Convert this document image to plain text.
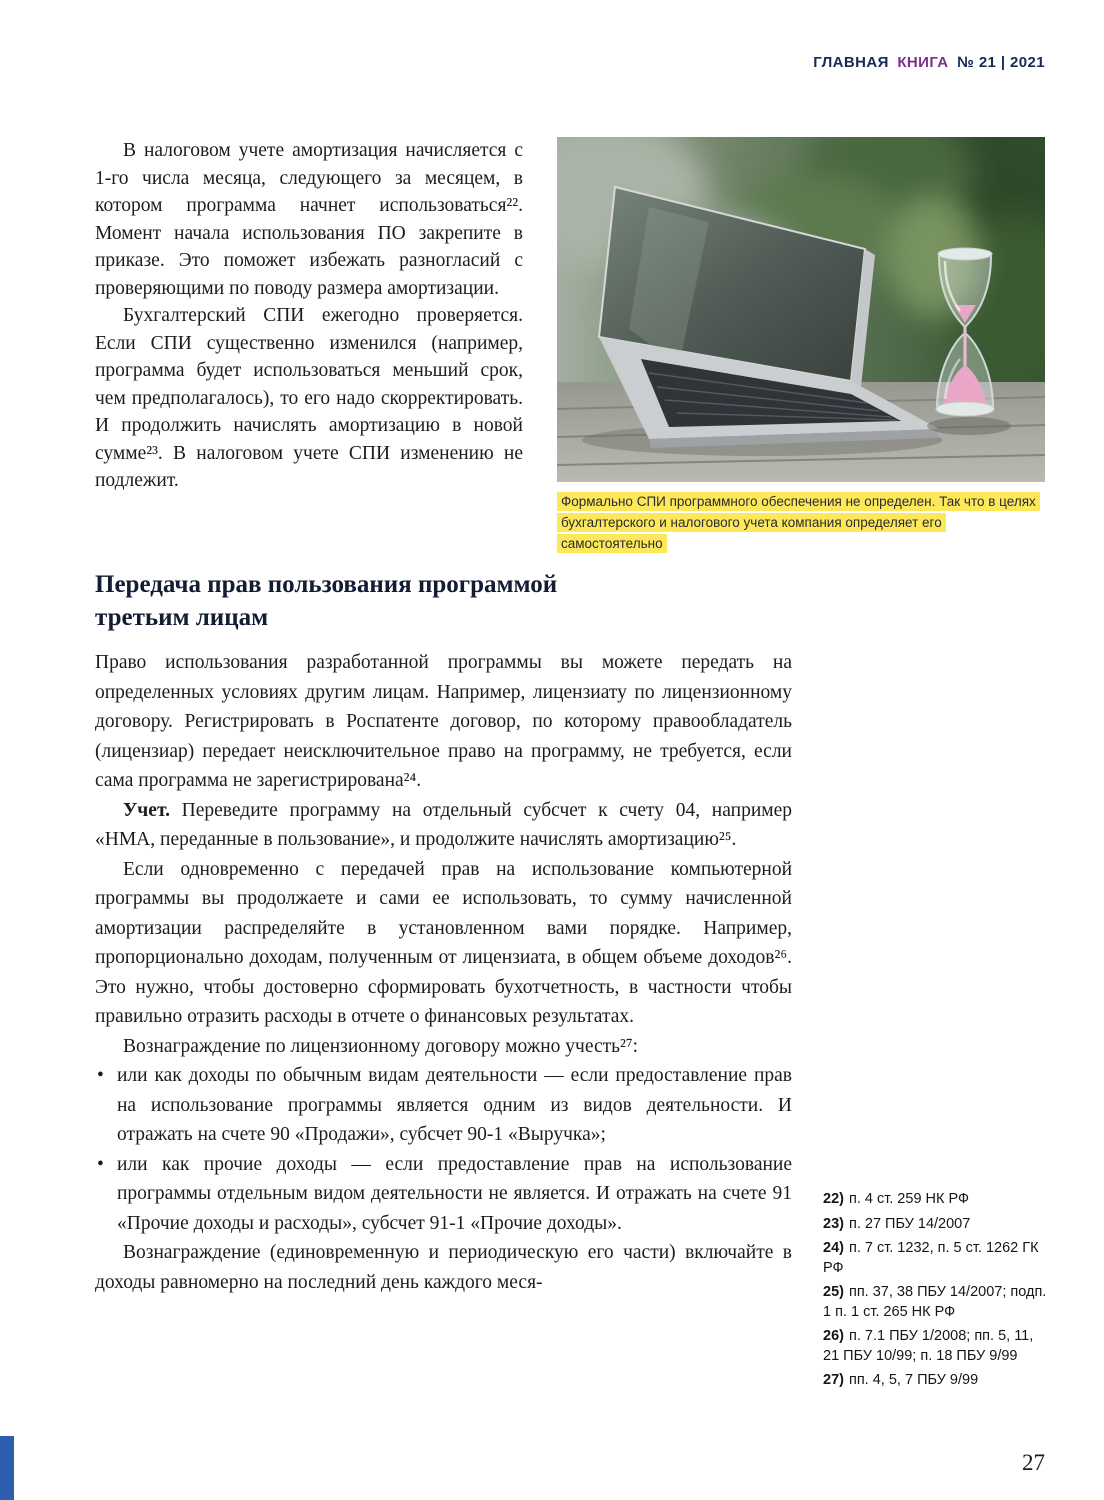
ГЛАВНАЯ КНИГА № 21 | 2021

В налоговом учете амортизация начисляется с 1-го числа месяца, следующего за месяцем, в котором программа начнет использоваться²². Момент начала использования ПО закрепите в приказе. Это поможет избежать разногласий с проверяющими по поводу размера амортизации.

Бухгалтерский СПИ ежегодно проверяется. Если СПИ существенно изменился (например, программа будет использоваться меньший срок, чем предполагалось), то его надо скорректировать. И продолжить начислять амортизацию в новой сумме²³. В налоговом учете СПИ изменению не подлежит.

Формально СПИ программного обеспечения не определен. Так что в целях бухгалтерского и налогового учета компания определяет его самостоятельно
Передача прав пользования программой
третьим лицам

Право использования разработанной программы вы можете передать на определенных условиях другим лицам. Например, лицензиату по лицензионному договору. Регистрировать в Роспатенте договор, по которому правообладатель (лицензиар) передает неисключительное право на программу, не требуется, если сама программа не зарегистрирована²⁴.

Учет. Переведите программу на отдельный субсчет к счету 04, например «НМА, переданные в пользование», и продолжите начислять амортизацию²⁵.

Если одновременно с передачей прав на использование компьютерной программы вы продолжаете и сами ее использовать, то сумму начисленной амортизации распределяйте в установленном вами порядке. Например, пропорционально доходам, полученным от лицензиата, в общем объеме доходов²⁶. Это нужно, чтобы достоверно сформировать бухотчетность, в частности чтобы правильно отразить расходы в отчете о финансовых результатах.

Вознаграждение по лицензионному договору можно учесть²⁷:

• или как доходы по обычным видам деятельности — если предоставление прав на использование программы является одним из видов деятельности. И отражать на счете 90 «Продажи», субсчет 90-1 «Выручка»;
• или как прочие доходы — если предоставление прав на использование программы отдельным видом деятельности не является. И отражать на счете 91 «Прочие доходы и расходы», субсчет 91-1 «Прочие доходы».

Вознаграждение (единовременную и периодическую его части) включайте в доходы равномерно на последний день каждого меся-

22) п. 4 ст. 259 НК РФ
23) п. 27 ПБУ 14/2007
24) п. 7 ст. 1232, п. 5 ст. 1262 ГК РФ
25) пп. 37, 38 ПБУ 14/2007; подп. 1 п. 1 ст. 265 НК РФ
26) п. 7.1 ПБУ 1/2008; пп. 5, 11, 21 ПБУ 10/99; п. 18 ПБУ 9/99
27) пп. 4, 5, 7 ПБУ 9/99
27
